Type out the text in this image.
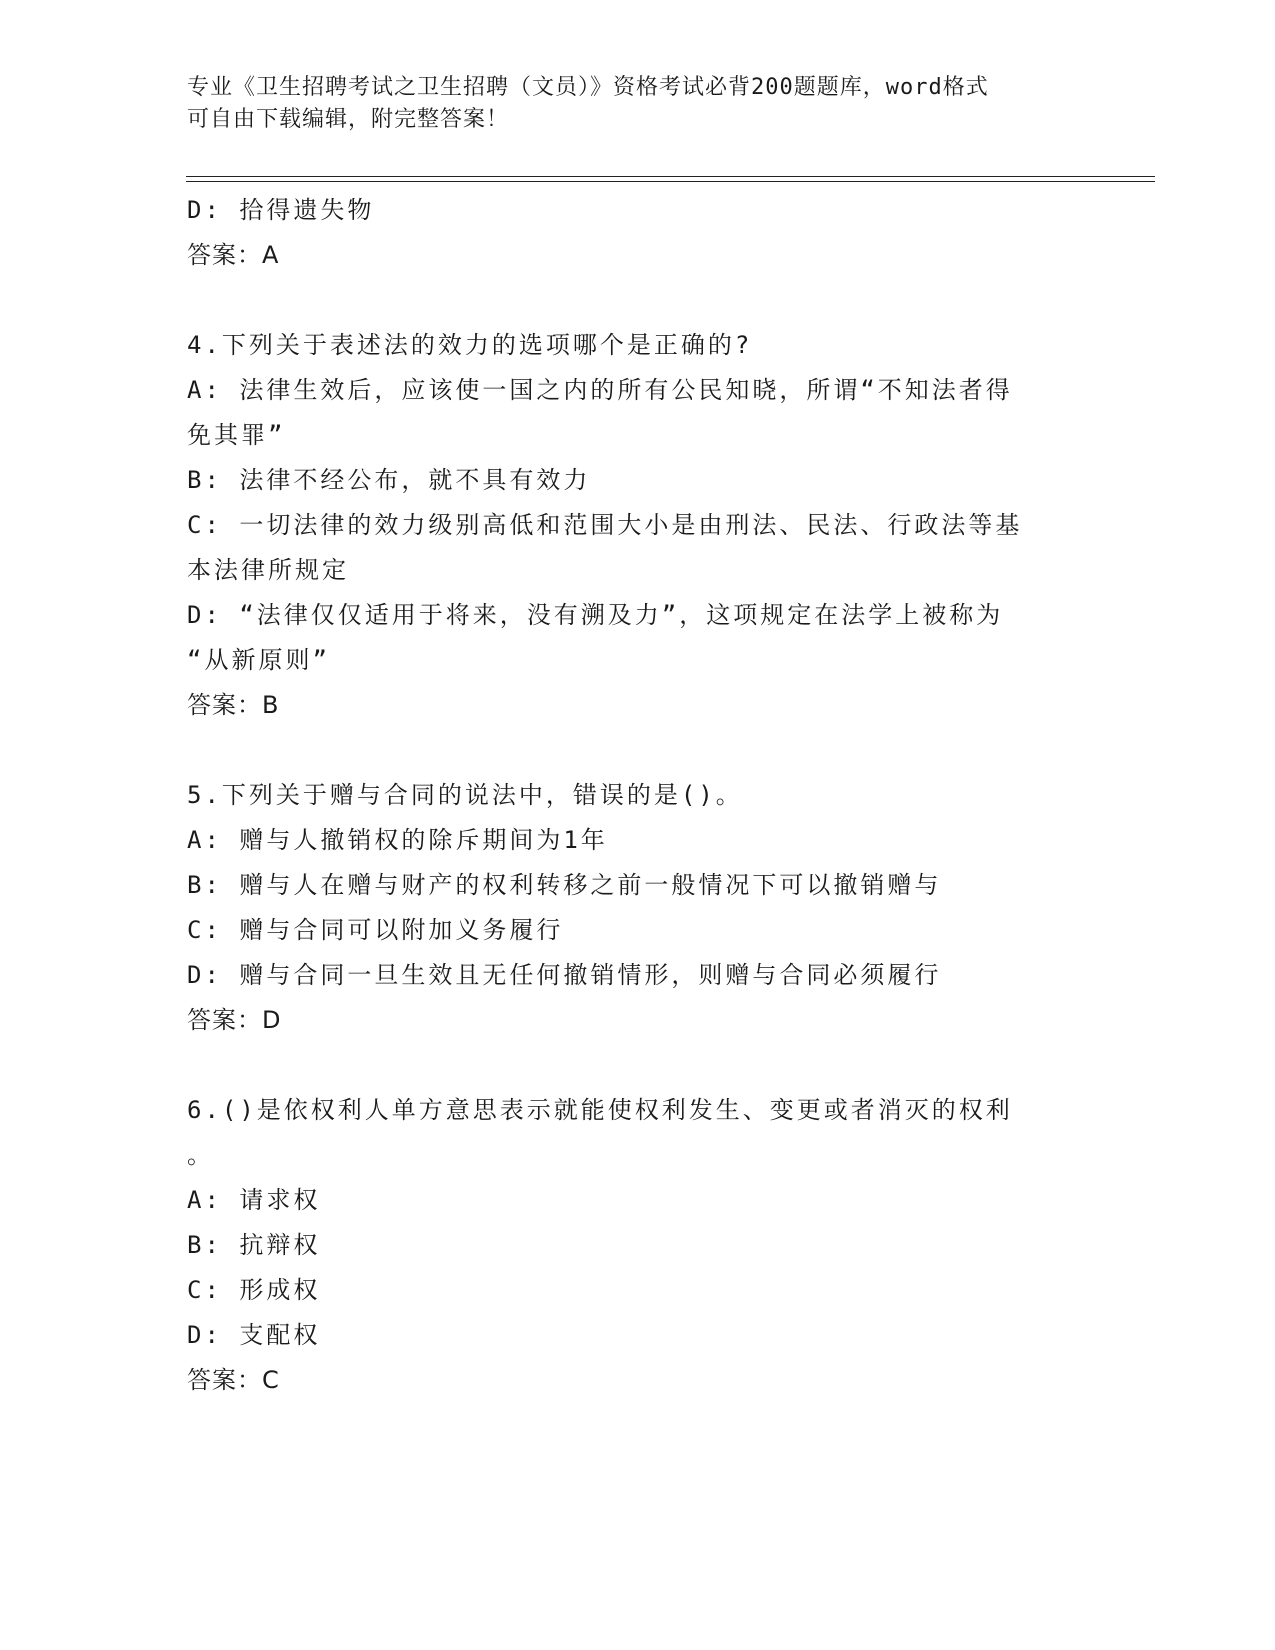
专业《卫生招聘考试之卫生招聘（文员）》资格考试必背200题题库，word格式

可自由下载编辑，附完整答案！

D: 拾得遗失物
答案：A
4.下列关于表述法的效力的选项哪个是正确的?
A: 法律生效后，应该使一国之内的所有公民知晓，所谓“不知法者得
免其罪”
B: 法律不经公布，就不具有效力
C: 一切法律的效力级别高低和范围大小是由刑法、民法、行政法等基
本法律所规定
D: “法律仅仅适用于将来，没有溯及力”，这项规定在法学上被称为
“从新原则”
答案：B
5.下列关于赠与合同的说法中，错误的是()。
A: 赠与人撤销权的除斥期间为1年
B: 赠与人在赠与财产的权利转移之前一般情况下可以撤销赠与
C: 赠与合同可以附加义务履行
D: 赠与合同一旦生效且无任何撤销情形，则赠与合同必须履行
答案：D
6.()是依权利人单方意思表示就能使权利发生、变更或者消灭的权利
。
A: 请求权
B: 抗辩权
C: 形成权
D: 支配权
答案：C
